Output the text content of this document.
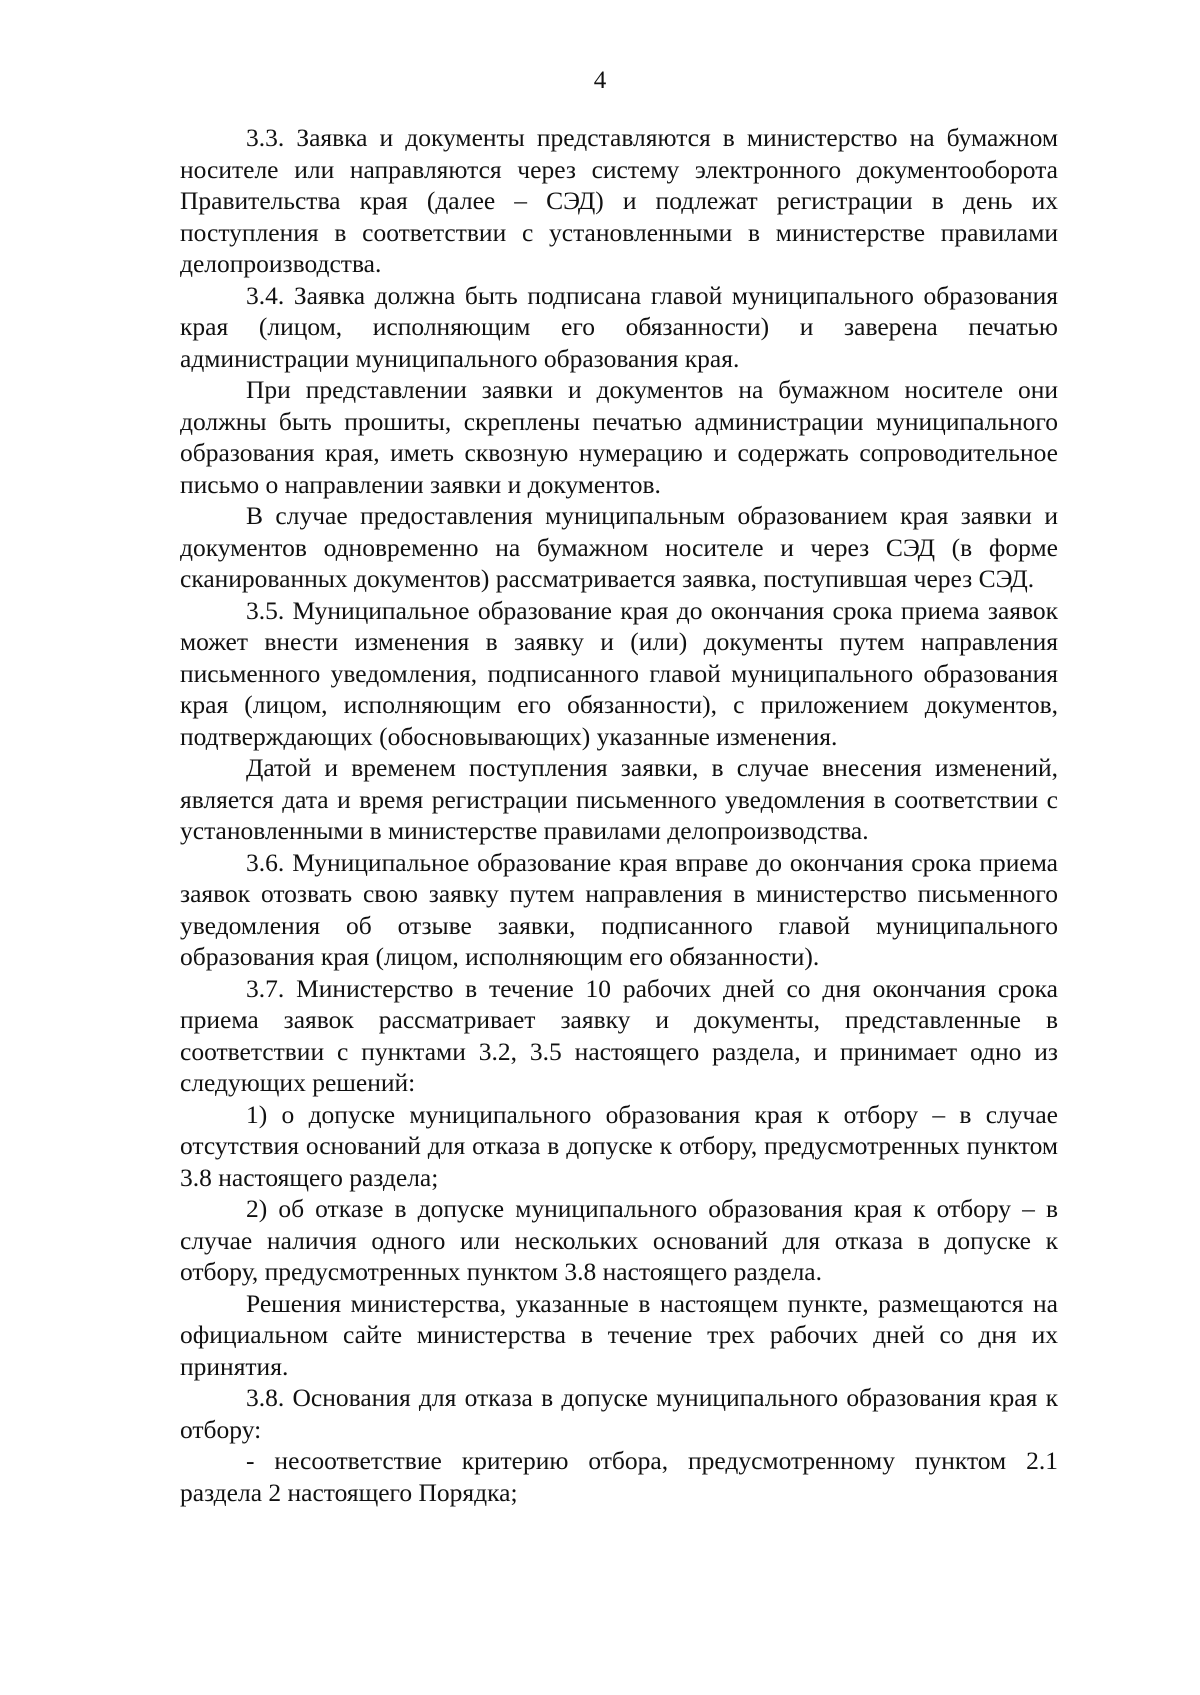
4

3.3. Заявка и документы представляются в министерство на бумажном носителе или направляются через систему электронного документооборота Правительства края (далее – СЭД) и подлежат регистрации в день их поступления в соответствии с установленными в министерстве правилами делопроизводства.

3.4. Заявка должна быть подписана главой муниципального образования края (лицом, исполняющим его обязанности) и заверена печатью администрации муниципального образования края.

При представлении заявки и документов на бумажном носителе они должны быть прошиты, скреплены печатью администрации муниципального образования края, иметь сквозную нумерацию и содержать сопроводительное письмо о направлении заявки и документов.

В случае предоставления муниципальным образованием края заявки и документов одновременно на бумажном носителе и через СЭД (в форме сканированных документов) рассматривается заявка, поступившая через СЭД.

3.5. Муниципальное образование края до окончания срока приема заявок может внести изменения в заявку и (или) документы путем направления письменного уведомления, подписанного главой муниципального образования края (лицом, исполняющим его обязанности), с приложением документов, подтверждающих (обосновывающих) указанные изменения.

Датой и временем поступления заявки, в случае внесения изменений, является дата и время регистрации письменного уведомления в соответствии с установленными в министерстве правилами делопроизводства.

3.6. Муниципальное образование края вправе до окончания срока приема заявок отозвать свою заявку путем направления в министерство письменного уведомления об отзыве заявки, подписанного главой муниципального образования края (лицом, исполняющим его обязанности).

3.7. Министерство в течение 10 рабочих дней со дня окончания срока приема заявок рассматривает заявку и документы, представленные в соответствии с пунктами 3.2, 3.5 настоящего раздела, и принимает одно из следующих решений:

1) о допуске муниципального образования края к отбору – в случае отсутствия оснований для отказа в допуске к отбору, предусмотренных пунктом 3.8 настоящего раздела;

2) об отказе в допуске муниципального образования края к отбору – в случае наличия одного или нескольких оснований для отказа в допуске к отбору, предусмотренных пунктом 3.8 настоящего раздела.

Решения министерства, указанные в настоящем пункте, размещаются на официальном сайте министерства в течение трех рабочих дней со дня их принятия.

3.8. Основания для отказа в допуске муниципального образования края к отбору:

- несоответствие критерию отбора, предусмотренному пунктом 2.1 раздела 2 настоящего Порядка;
